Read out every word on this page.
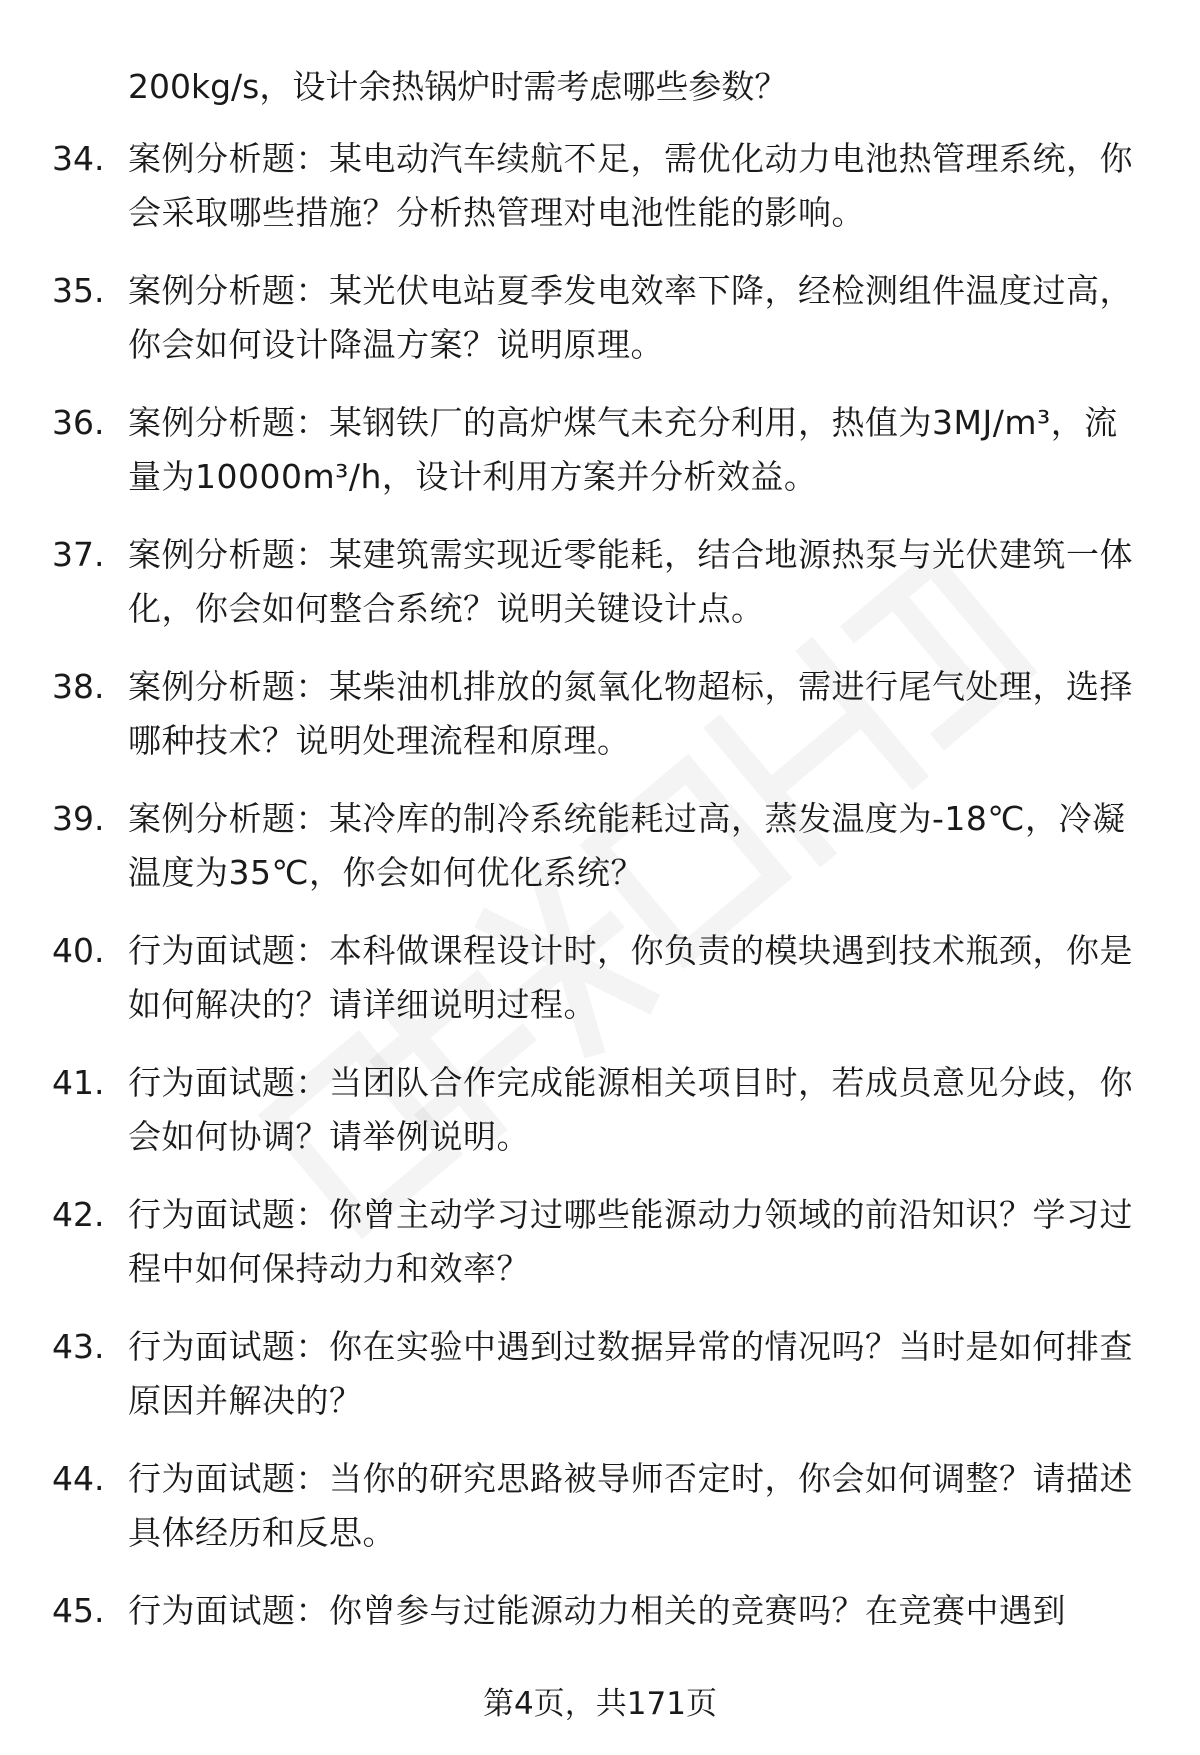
200kg/s，设计余热锅炉时需考虑哪些参数？
34. 案例分析题：某电动汽车续航不足，需优化动力电池热管理系统，你会采取哪些措施？分析热管理对电池性能的影响。
35. 案例分析题：某光伏电站夏季发电效率下降，经检测组件温度过高，你会如何设计降温方案？说明原理。
36. 案例分析题：某钢铁厂的高炉煤气未充分利用，热值为3MJ/m³，流量为10000m³/h，设计利用方案并分析效益。
37. 案例分析题：某建筑需实现近零能耗，结合地源热泵与光伏建筑一体化，你会如何整合系统？说明关键设计点。
38. 案例分析题：某柴油机排放的氮氧化物超标，需进行尾气处理，选择哪种技术？说明处理流程和原理。
39. 案例分析题：某冷库的制冷系统能耗过高，蒸发温度为-18℃，冷凝温度为35℃，你会如何优化系统？
40. 行为面试题：本科做课程设计时，你负责的模块遇到技术瓶颈，你是如何解决的？请详细说明过程。
41. 行为面试题：当团队合作完成能源相关项目时，若成员意见分歧，你会如何协调？请举例说明。
42. 行为面试题：你曾主动学习过哪些能源动力领域的前沿知识？学习过程中如何保持动力和效率？
43. 行为面试题：你在实验中遇到过数据异常的情况吗？当时是如何排查原因并解决的？
44. 行为面试题：当你的研究思路被导师否定时，你会如何调整？请描述具体经历和反思。
45. 行为面试题：你曾参与过能源动力相关的竞赛吗？在竞赛中遇到
第4页，共171页
